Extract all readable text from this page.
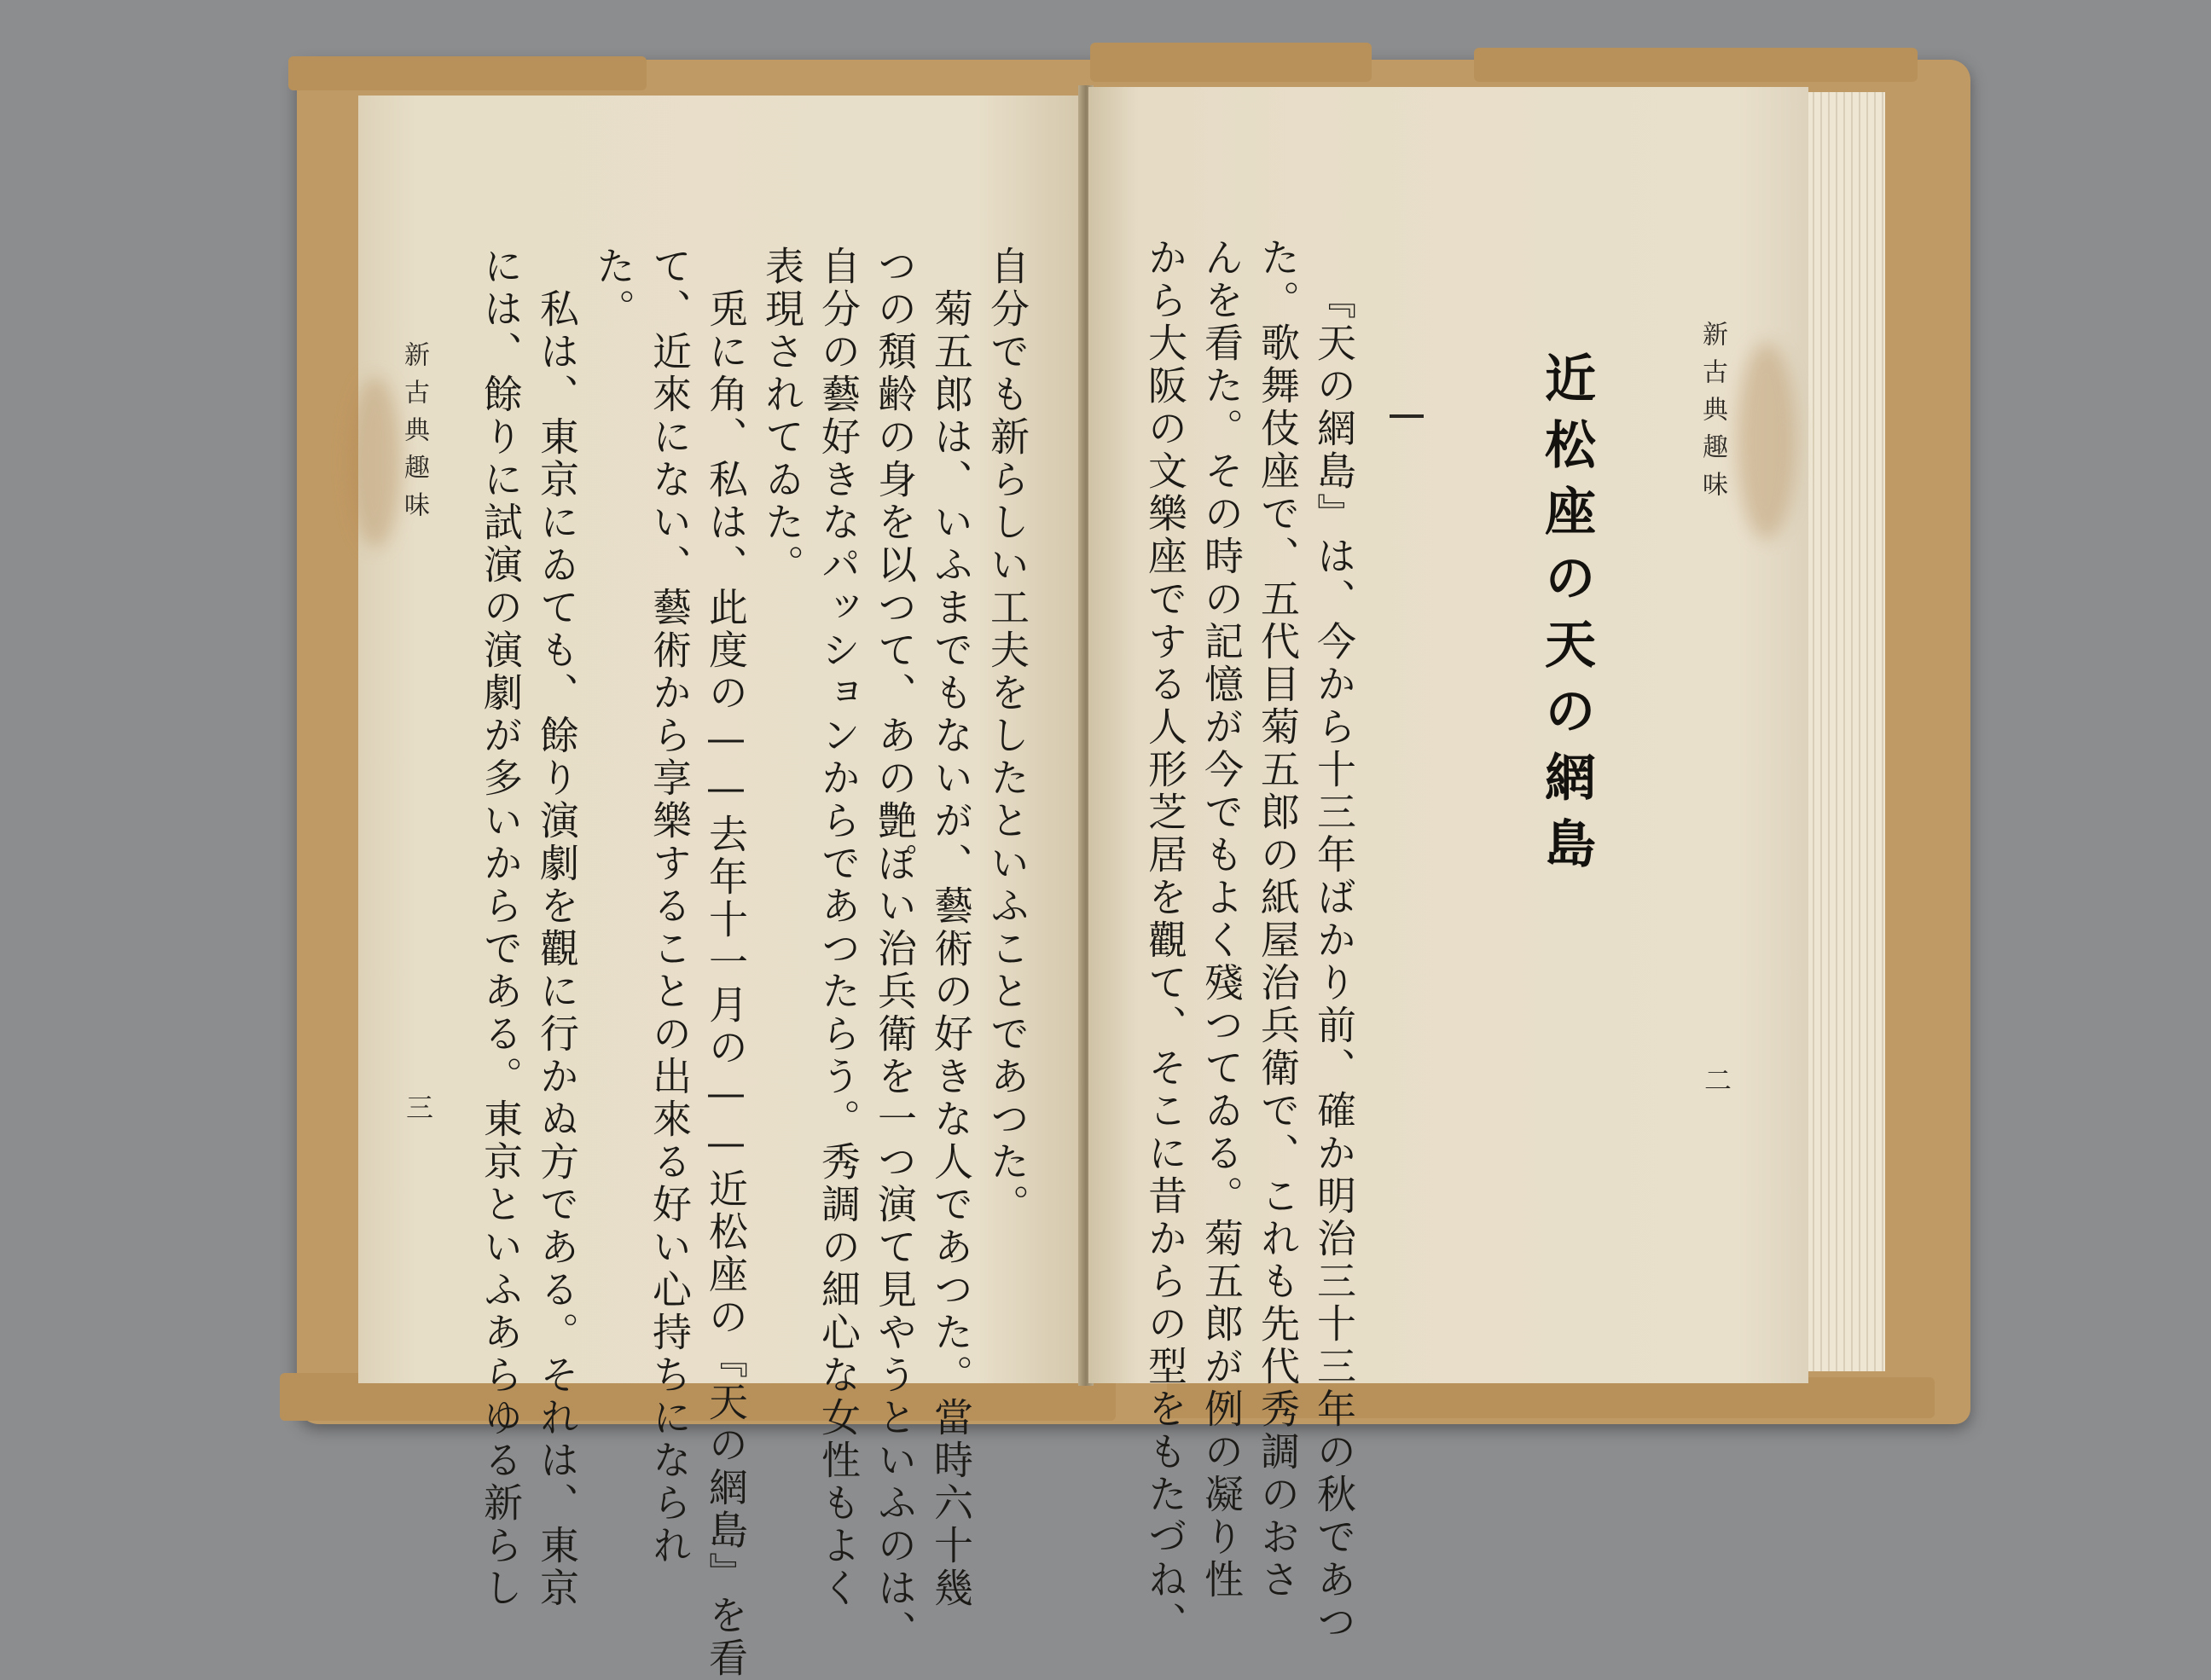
新古典趣味
三	自分でも新らしい工夫をしたといふことであつた。
菊五郎は、いふまでもないが、藝術の好きな人であつた。當時六十幾
つの頽齢の身を以つて、あの艶ぽい治兵衛を一つ演て見やうといふのは、
自分の藝好きなパッションからであつたらう。秀調の細心な女性もよく
表現されてゐた。
兎に角、私は、此度の——去年十一月の——近松座の『天の網島』を看
て、近來にない、藝術から享樂することの出來る好い心持ちになられ
た。
私は、東京にゐても、餘り演劇を觀に行かぬ方である。それは、東京
には、餘りに試演の演劇が多いからである。東京といふあらゆる新らし	新古典趣味
二
近松座の天の網島
『天の網島』は、今から十三年ばかり前、確か明治三十三年の秋であつ
た。歌舞伎座で、五代目菊五郎の紙屋治兵衛で、これも先代秀調のおさ
んを看た。その時の記憶が今でもよく殘つてゐる。菊五郎が例の凝り性
から大阪の文樂座でする人形芝居を觀て、そこに昔からの型をもたづね、
